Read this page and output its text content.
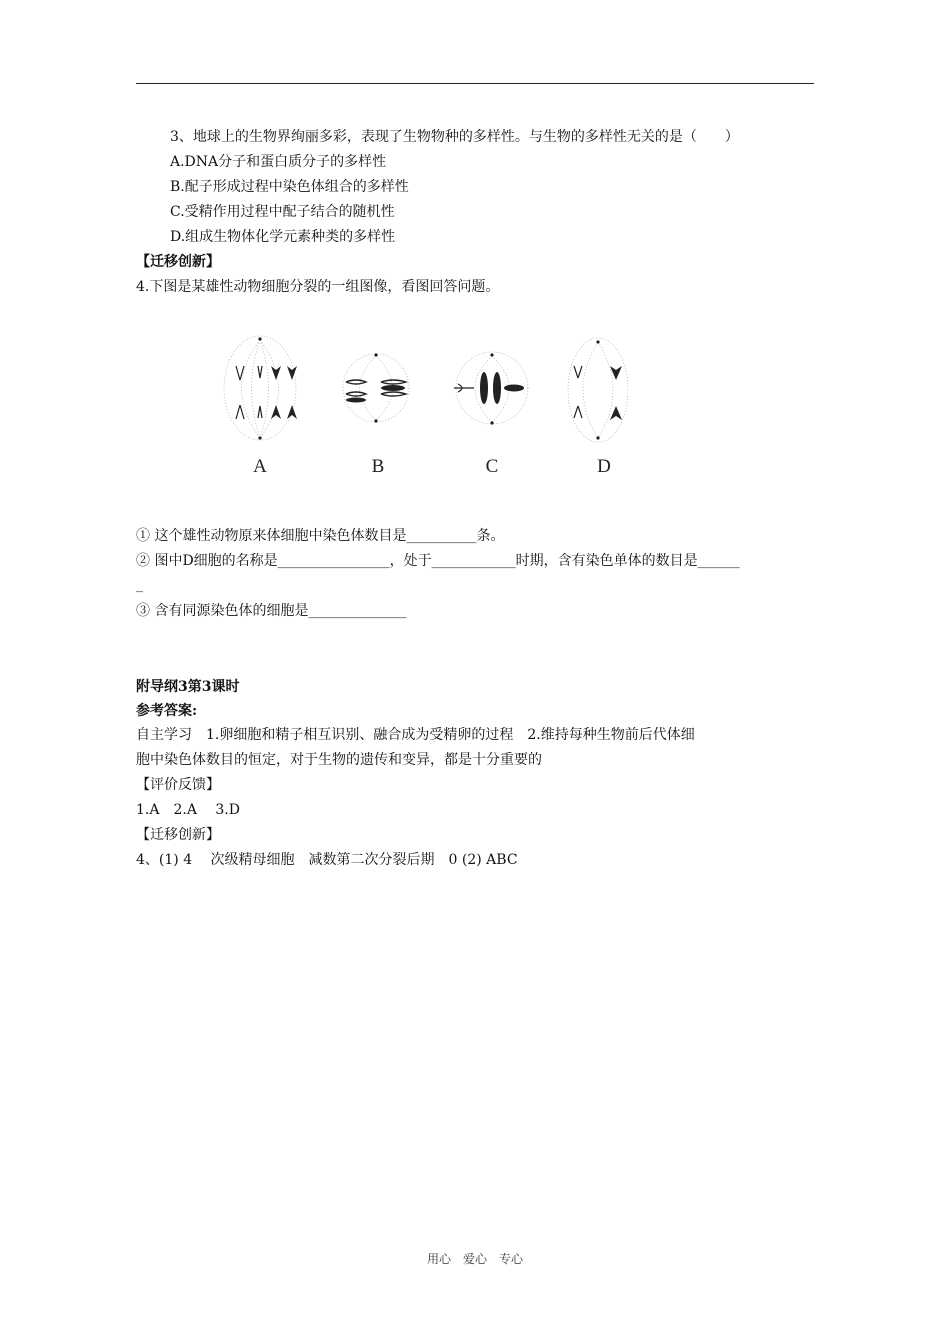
3、地球上的生物界绚丽多彩，表现了生物物种的多样性。与生物的多样性无关的是（　　）
A.DNA分子和蛋白质分子的多样性
B.配子形成过程中染色体组合的多样性
C.受精作用过程中配子结合的随机性
D.组成生物体化学元素种类的多样性
【迁移创新】
4.下图是某雄性动物细胞分裂的一组图像，看图回答问题。
A	B	C	D
① 这个雄性动物原来体细胞中染色体数目是__________条。
② 图中D细胞的名称是________________，处于____________时期，含有染色单体的数目是______
_
③ 含有同源染色体的细胞是______________
附导纲3第3课时
参考答案:
自主学习　1.卵细胞和精子相互识别、融合成为受精卵的过程　2.维持每种生物前后代体细
胞中染色体数目的恒定，对于生物的遗传和变异，都是十分重要的
【评价反馈】
1.A　2.A　 3.D
【迁移创新】
4、(1) 4　 次级精母细胞　减数第二次分裂后期　0 (2) ABC
用心　爱心　专心
